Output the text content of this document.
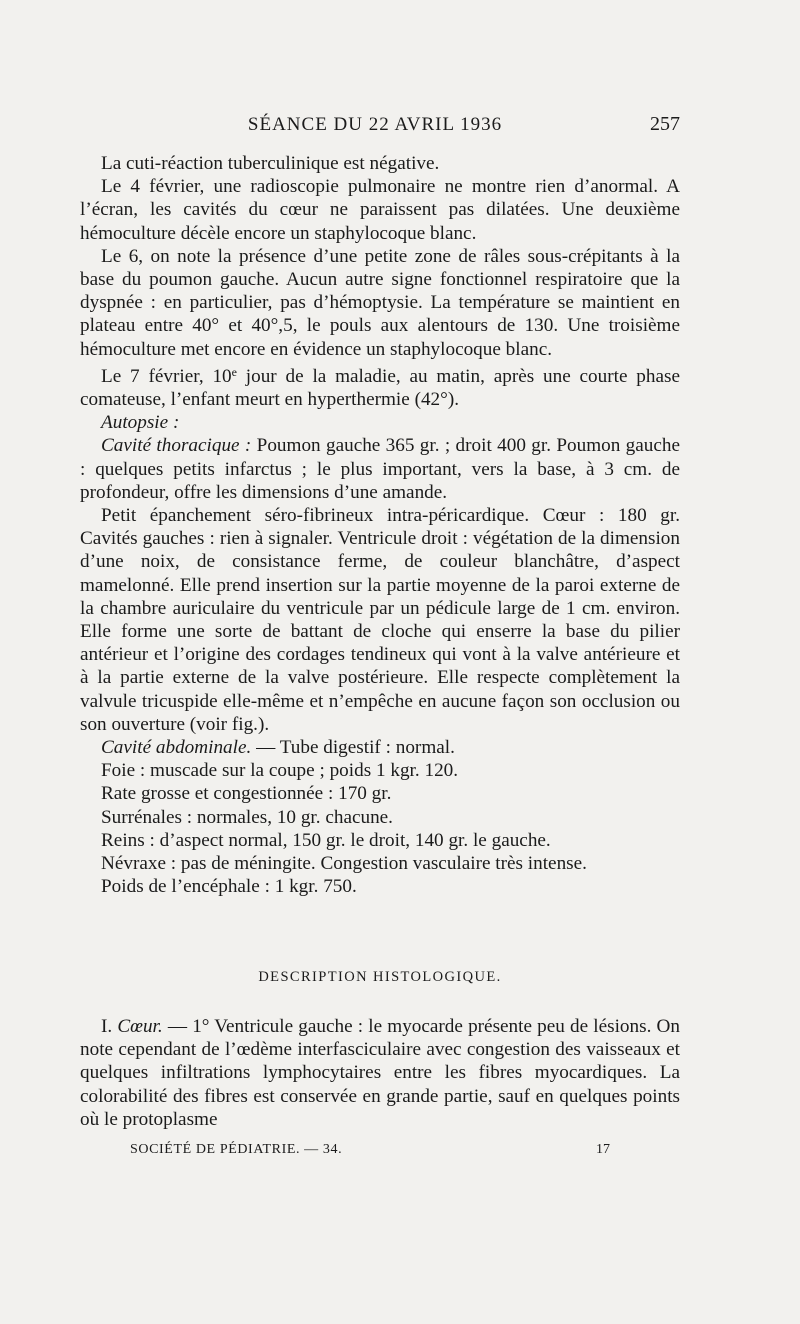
SÉANCE DU 22 AVRIL 1936	257

La cuti-réaction tuberculinique est négative.

Le 4 février, une radioscopie pulmonaire ne montre rien d’anormal. A l’écran, les cavités du cœur ne paraissent pas dilatées. Une deuxième hémoculture décèle encore un staphylocoque blanc.

Le 6, on note la présence d’une petite zone de râles sous-crépitants à la base du poumon gauche. Aucun autre signe fonctionnel respiratoire que la dyspnée : en particulier, pas d’hémoptysie. La température se maintient en plateau entre 40° et 40°,5, le pouls aux alentours de 130. Une troisième hémoculture met encore en évidence un staphylocoque blanc.

Le 7 février, 10e jour de la maladie, au matin, après une courte phase comateuse, l’enfant meurt en hyperthermie (42°).

Autopsie :

Cavité thoracique : Poumon gauche 365 gr. ; droit 400 gr. Poumon gauche : quelques petits infarctus ; le plus important, vers la base, à 3 cm. de profondeur, offre les dimensions d’une amande.

Petit épanchement séro-fibrineux intra-péricardique. Cœur : 180 gr. Cavités gauches : rien à signaler. Ventricule droit : végétation de la dimension d’une noix, de consistance ferme, de couleur blanchâtre, d’aspect mamelonné. Elle prend insertion sur la partie moyenne de la paroi externe de la chambre auriculaire du ventricule par un pédicule large de 1 cm. environ. Elle forme une sorte de battant de cloche qui enserre la base du pilier antérieur et l’origine des cordages tendineux qui vont à la valve antérieure et à la partie externe de la valve postérieure. Elle respecte complètement la valvule tricuspide elle-même et n’empêche en aucune façon son occlusion ou son ouverture (voir fig.).

Cavité abdominale. — Tube digestif : normal.

Foie : muscade sur la coupe ; poids 1 kgr. 120.

Rate grosse et congestionnée : 170 gr.

Surrénales : normales, 10 gr. chacune.

Reins : d’aspect normal, 150 gr. le droit, 140 gr. le gauche.

Névraxe : pas de méningite. Congestion vasculaire très intense.

Poids de l’encéphale : 1 kgr. 750.

DESCRIPTION HISTOLOGIQUE.

I. Cœur. — 1° Ventricule gauche : le myocarde présente peu de lésions. On note cependant de l’œdème interfasciculaire avec congestion des vaisseaux et quelques infiltrations lymphocytaires entre les fibres myocardiques. La colorabilité des fibres est conservée en grande partie, sauf en quelques points où le protoplasme

SOCIÉTÉ DE PÉDIATRIE. — 34.	17
